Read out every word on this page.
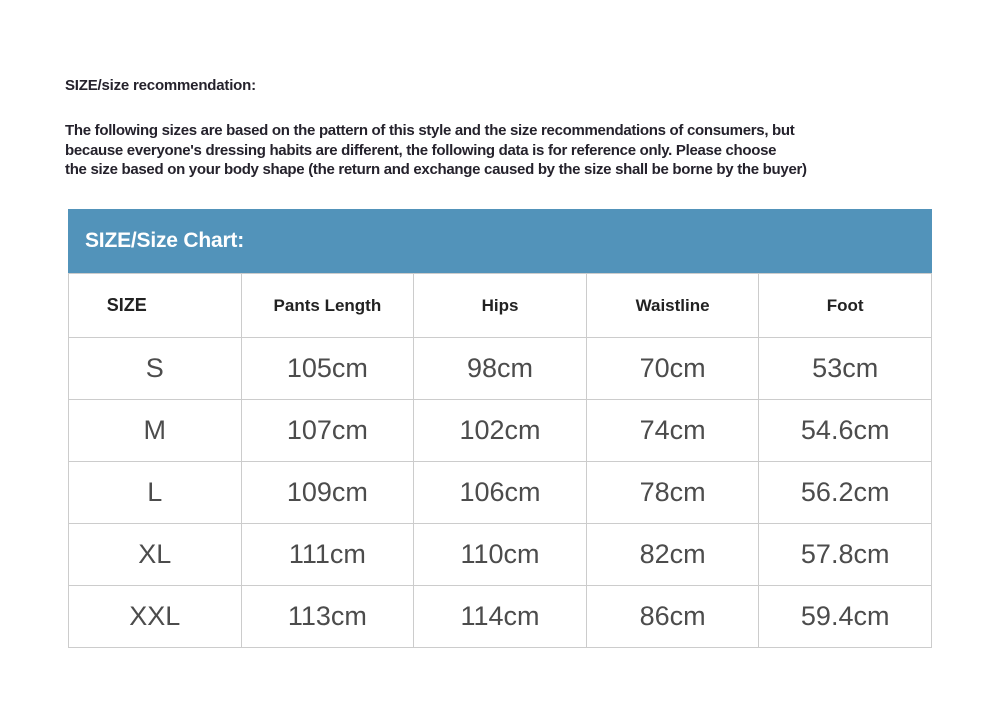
SIZE/size recommendation:
The following sizes are based on the pattern of this style and the size recommendations of consumers, but
because everyone's dressing habits are different, the following data is for reference only. Please choose
the size based on your body shape (the return and exchange caused by the size shall be borne by the buyer)
SIZE/Size Chart:
SIZE	Pants Length	Hips	Waistline	Foot
S	105cm	98cm	70cm	53cm
M	107cm	102cm	74cm	54.6cm
L	109cm	106cm	78cm	56.2cm
XL	111cm	110cm	82cm	57.8cm
XXL	113cm	114cm	86cm	59.4cm
